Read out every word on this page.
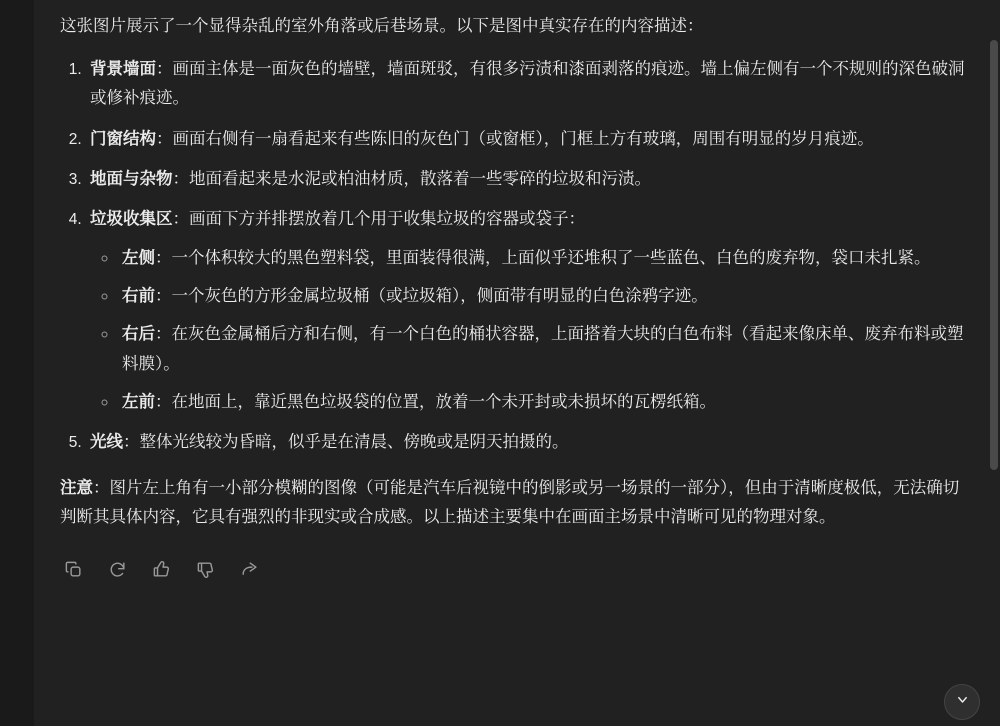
这张图片展示了一个显得杂乱的室外角落或后巷场景。以下是图中真实存在的内容描述：

1. 背景墙面：画面主体是一面灰色的墙壁，墙面斑驳，有很多污渍和漆面剥落的痕迹。墙上偏左侧有一个不规则的深色破洞或修补痕迹。
2. 门窗结构：画面右侧有一扇看起来有些陈旧的灰色门（或窗框），门框上方有玻璃，周围有明显的岁月痕迹。
3. 地面与杂物：地面看起来是水泥或柏油材质，散落着一些零碎的垃圾和污渍。
4. 垃圾收集区：画面下方并排摆放着几个用于收集垃圾的容器或袋子：
◦ 左侧：一个体积较大的黑色塑料袋，里面装得很满，上面似乎还堆积了一些蓝色、白色的废弃物，袋口未扎紧。
◦ 右前：一个灰色的方形金属垃圾桶（或垃圾箱），侧面带有明显的白色涂鸦字迹。
◦ 右后：在灰色金属桶后方和右侧，有一个白色的桶状容器，上面搭着大块的白色布料（看起来像床单、废弃布料或塑料膜）。
◦ 左前：在地面上，靠近黑色垃圾袋的位置，放着一个未开封或未损坏的瓦楞纸箱。
5. 光线：整体光线较为昏暗，似乎是在清晨、傍晚或是阴天拍摄的。

注意：图片左上角有一小部分模糊的图像（可能是汽车后视镜中的倒影或另一场景的一部分），但由于清晰度极低，无法确切判断其具体内容，它具有强烈的非现实或合成感。以上描述主要集中在画面主场景中清晰可见的物理对象。
